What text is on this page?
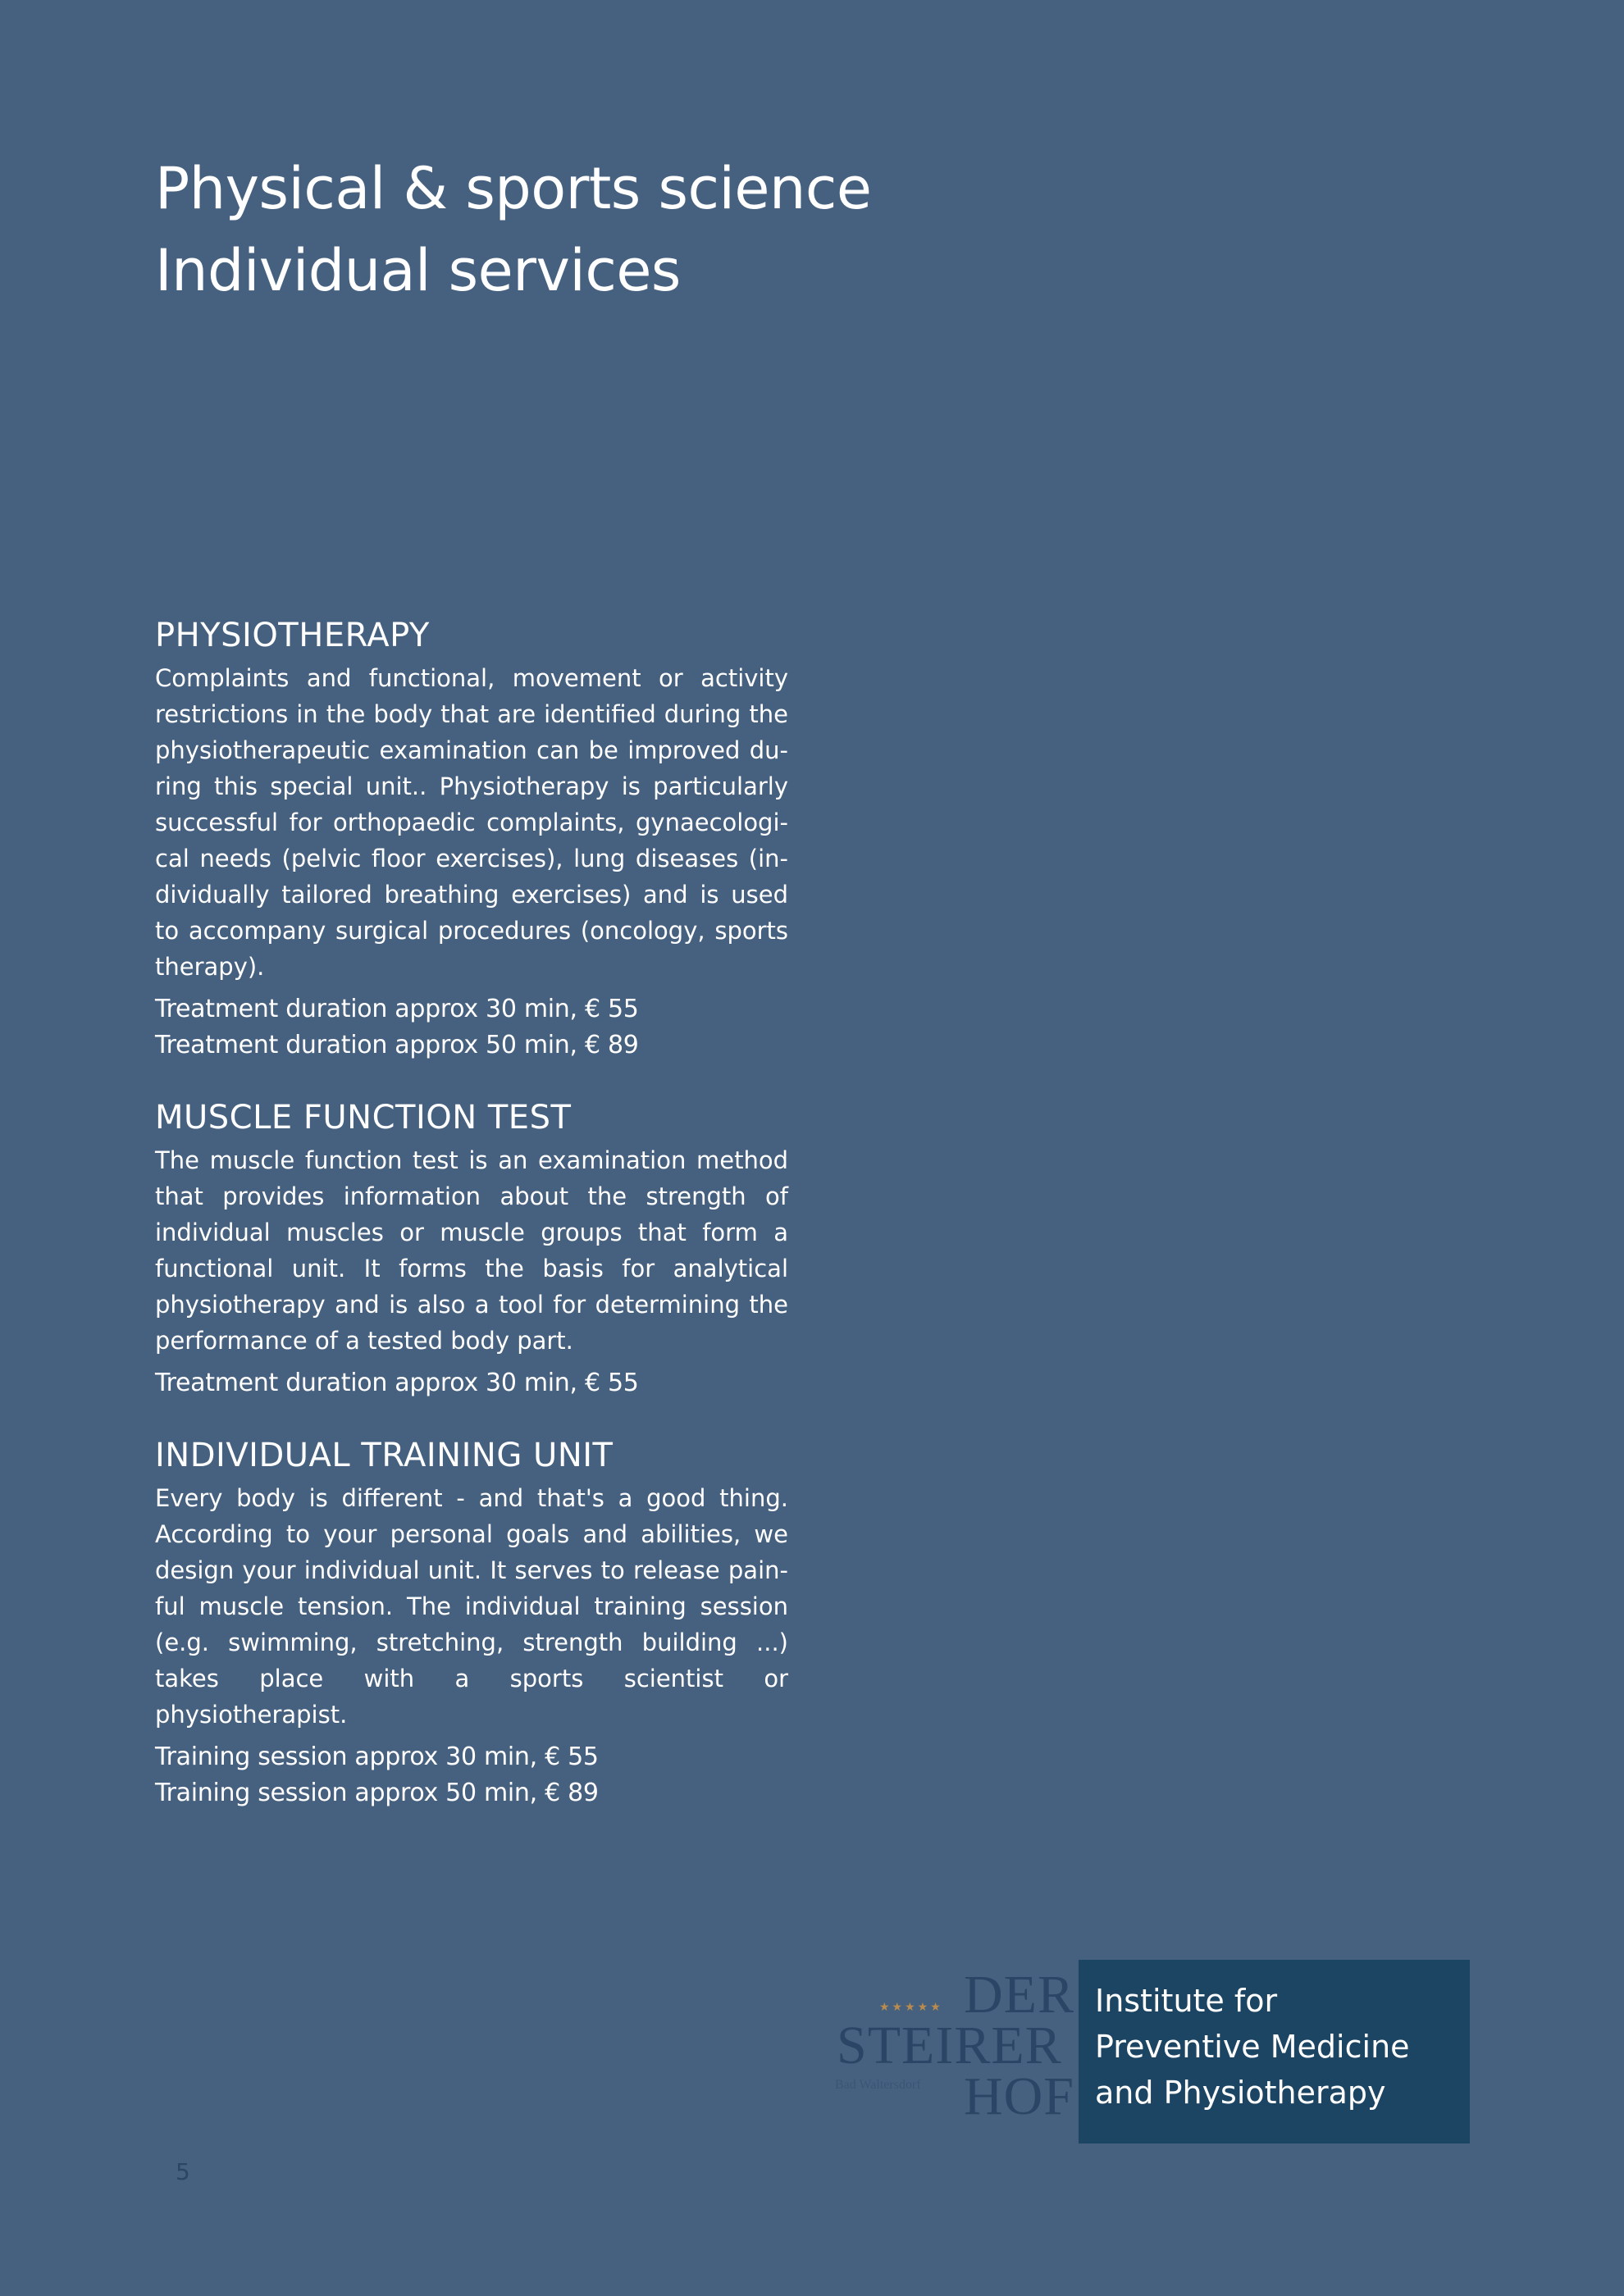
Physical & sports science
Individual services
PHYSIOTHERAPY

Complaints and functional, movement or activity restrictions in the body that are identified during the physiotherapeutic examination can be improved during this special unit.. Physiotherapy is particularly successful for orthopaedic complaints, gynaecological needs (pelvic floor exercises), lung diseases (individually tailored breathing exercises) and is used to accompany surgical procedures (oncology, sports therapy).

Treatment duration approx 30 min, € 55
Treatment duration approx 50 min, € 89
MUSCLE FUNCTION TEST

The muscle function test is an examination method that provides information about the strength of individual muscles or muscle groups that form a functional unit. It forms the basis for analytical physiotherapy and is also a tool for determining the performance of a tested body part.

Treatment duration approx 30 min, € 55
INDIVIDUAL TRAINING UNIT

Every body is different - and that's a good thing. According to your personal goals and abilities, we design your individual unit. It serves to release painful muscle tension. The individual training session (e.g. swimming, stretching, strength building ...) takes place with a sports scientist or physiotherapist.

Training session approx 30 min, € 55
Training session approx 50 min, € 89
★★★★★ DER
STEIRER
Bad Waltersdorf HOF
Institute for
Preventive Medicine
and Physiotherapy
5
